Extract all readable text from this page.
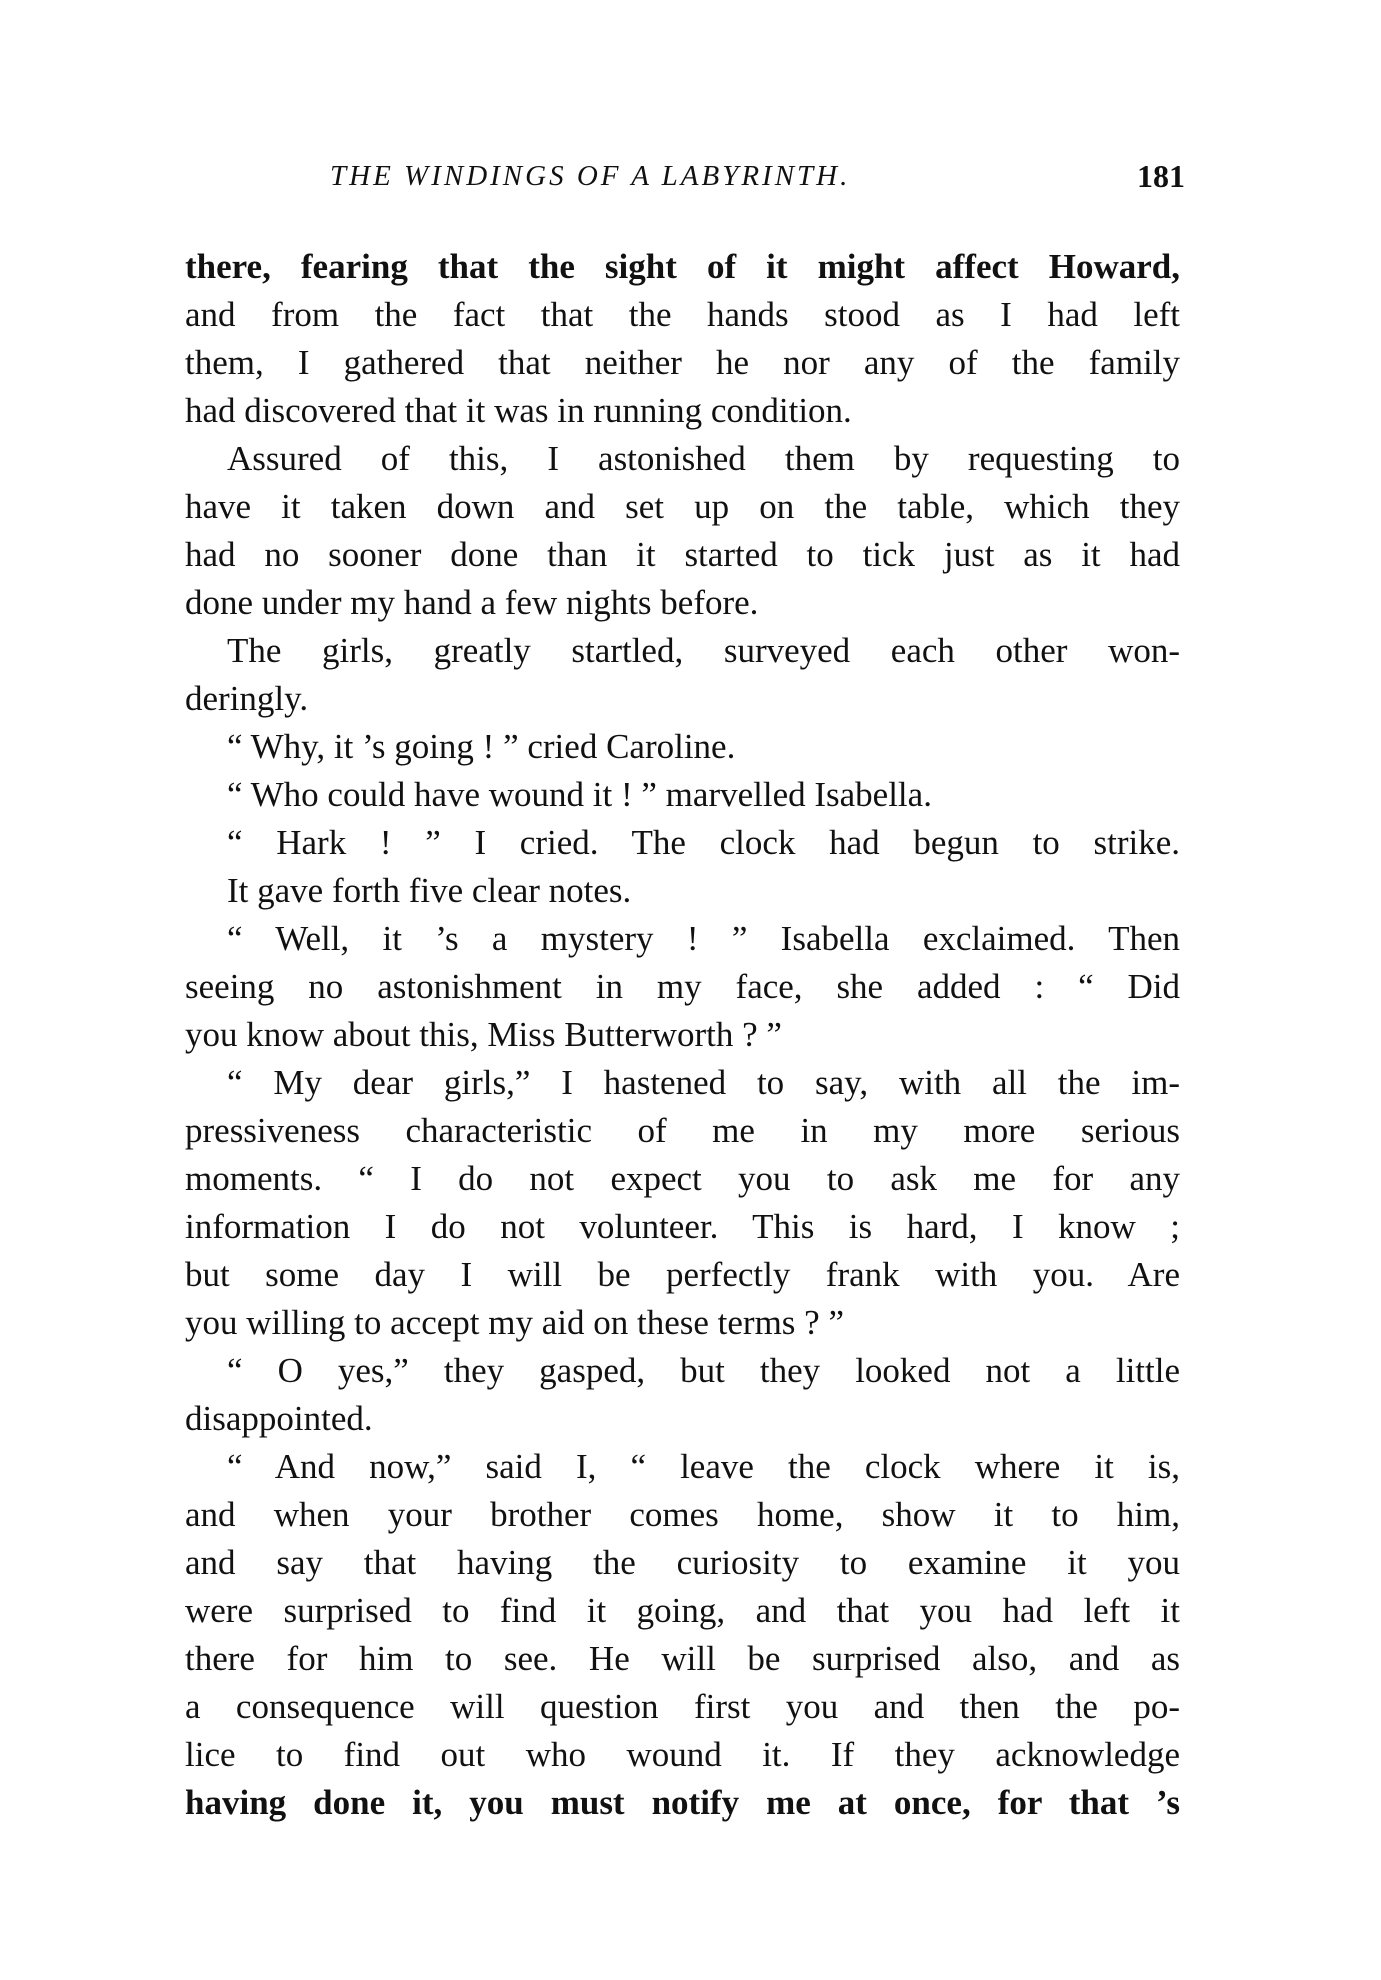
THE WINDINGS OF A LABYRINTH.	181
there, fearing that the sight of it might affect Howard,
and from the fact that the hands stood as I had left
them, I gathered that neither he nor any of the family
had discovered that it was in running condition.
Assured of this, I astonished them by requesting to
have it taken down and set up on the table, which they
had no sooner done than it started to tick just as it had
done under my hand a few nights before.
The girls, greatly startled, surveyed each other won-
deringly.
“ Why, it ’s going ! ” cried Caroline.
“ Who could have wound it ! ” marvelled Isabella.
“ Hark ! ” I cried. The clock had begun to strike.
It gave forth five clear notes.
“ Well, it ’s a mystery ! ” Isabella exclaimed. Then
seeing no astonishment in my face, she added : “ Did
you know about this, Miss Butterworth ? ”
“ My dear girls,” I hastened to say, with all the im-
pressiveness characteristic of me in my more serious
moments. “ I do not expect you to ask me for any
information I do not volunteer. This is hard, I know ;
but some day I will be perfectly frank with you. Are
you willing to accept my aid on these terms ? ”
“ O yes,” they gasped, but they looked not a little
disappointed.
“ And now,” said I, “ leave the clock where it is,
and when your brother comes home, show it to him,
and say that having the curiosity to examine it you
were surprised to find it going, and that you had left it
there for him to see. He will be surprised also, and as
a consequence will question first you and then the po-
lice to find out who wound it. If they acknowledge
having done it, you must notify me at once, for that ’s
